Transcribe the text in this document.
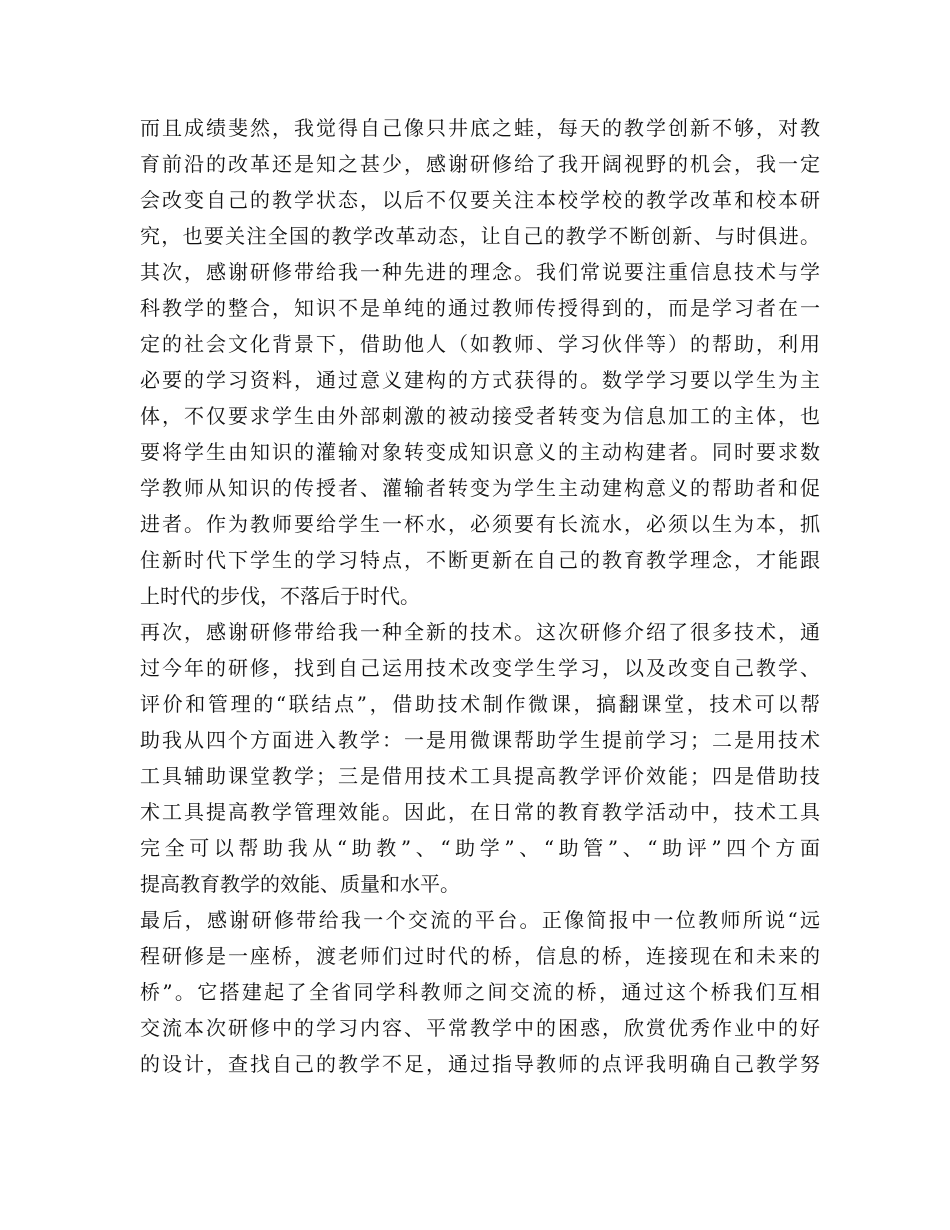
而且成绩斐然，我觉得自己像只井底之蛙，每天的教学创新不够，对教
育前沿的改革还是知之甚少，感谢研修给了我开阔视野的机会，我一定
会改变自己的教学状态，以后不仅要关注本校学校的教学改革和校本研
究，也要关注全国的教学改革动态，让自己的教学不断创新、与时俱进。
其次，感谢研修带给我一种先进的理念。我们常说要注重信息技术与学
科教学的整合，知识不是单纯的通过教师传授得到的，而是学习者在一
定的社会文化背景下，借助他人（如教师、学习伙伴等）的帮助，利用
必要的学习资料，通过意义建构的方式获得的。数学学习要以学生为主
体，不仅要求学生由外部刺激的被动接受者转变为信息加工的主体，也
要将学生由知识的灌输对象转变成知识意义的主动构建者。同时要求数
学教师从知识的传授者、灌输者转变为学生主动建构意义的帮助者和促
进者。作为教师要给学生一杯水，必须要有长流水，必须以生为本，抓
住新时代下学生的学习特点，不断更新在自己的教育教学理念，才能跟
上时代的步伐，不落后于时代。
再次，感谢研修带给我一种全新的技术。这次研修介绍了很多技术，通
过今年的研修，找到自己运用技术改变学生学习，以及改变自己教学、
评价和管理的“联结点”，借助技术制作微课，搞翻课堂，技术可以帮
助我从四个方面进入教学：一是用微课帮助学生提前学习；二是用技术
工具辅助课堂教学；三是借用技术工具提高教学评价效能；四是借助技
术工具提高教学管理效能。因此，在日常的教育教学活动中，技术工具
完全可以帮助我从“助教”、“助学”、“助管”、“助评”四个方面
提高教育教学的效能、质量和水平。
最后，感谢研修带给我一个交流的平台。正像简报中一位教师所说“远
程研修是一座桥，渡老师们过时代的桥，信息的桥，连接现在和未来的
桥”。它搭建起了全省同学科教师之间交流的桥，通过这个桥我们互相
交流本次研修中的学习内容、平常教学中的困惑，欣赏优秀作业中的好
的设计，查找自己的教学不足，通过指导教师的点评我明确自己教学努
